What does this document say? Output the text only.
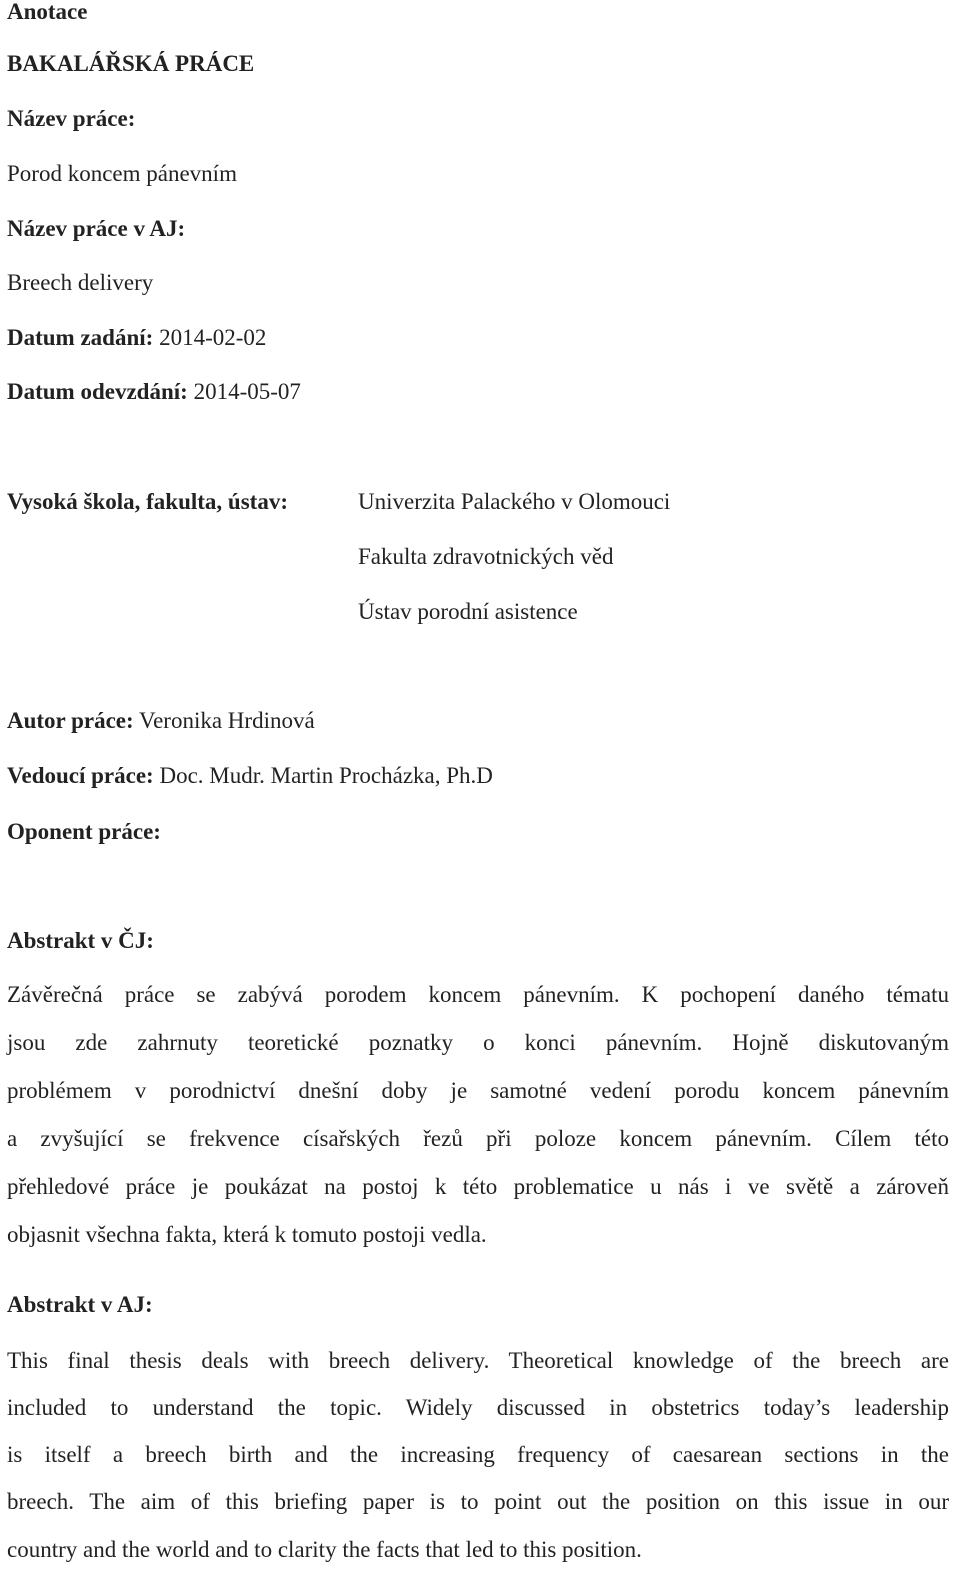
Anotace
BAKALÁŘSKÁ PRÁCE
Název práce:
Porod koncem pánevním
Název práce v AJ:
Breech delivery
Datum zadání: 2014-02-02
Datum odevzdání: 2014-05-07
Vysoká škola, fakulta, ústav:	Univerzita Palackého v Olomouci
Fakulta zdravotnických věd
Ústav porodní asistence
Autor práce: Veronika Hrdinová
Vedoucí práce: Doc. Mudr. Martin Procházka, Ph.D
Oponent práce:
Abstrakt v ČJ:
Závěrečná práce se zabývá porodem koncem pánevním. K pochopení daného tématu
jsou zde zahrnuty teoretické poznatky o konci pánevním. Hojně diskutovaným
problémem v porodnictví dnešní doby je samotné vedení porodu koncem pánevním
a zvyšující se frekvence císařských řezů při poloze koncem pánevním. Cílem této
přehledové práce je poukázat na postoj k této problematice u nás i ve světě a zároveň
objasnit všechna fakta, která k tomuto postoji vedla.
Abstrakt v AJ:
This final thesis deals with breech delivery. Theoretical knowledge of the breech are
included to understand the topic. Widely discussed in obstetrics today’s leadership
is itself a breech birth and the increasing frequency of caesarean sections in the
breech. The aim of this briefing paper is to point out the position on this issue in our
country and the world and to clarity the facts that led to this position.
